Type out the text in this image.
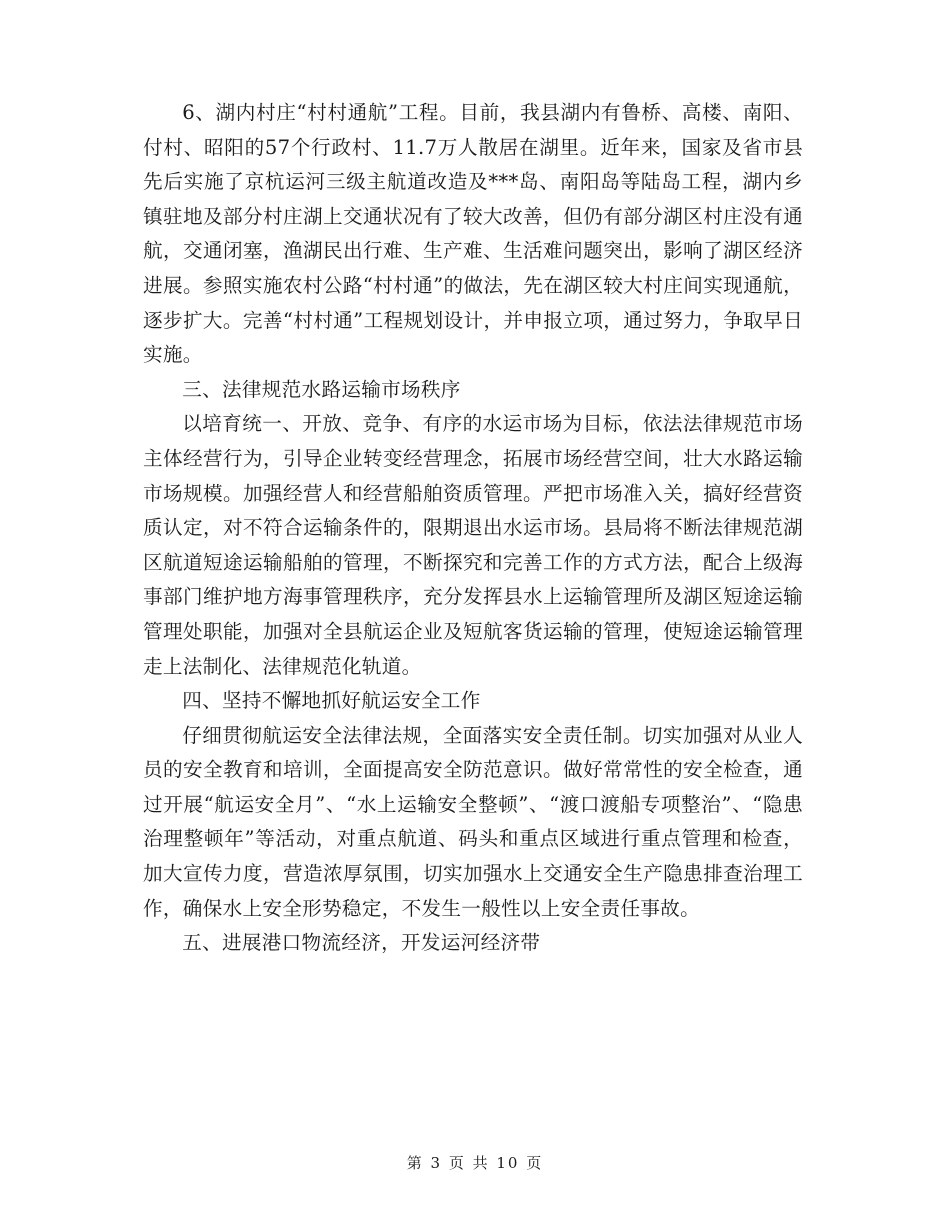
6、湖内村庄“村村通航”工程。目前，我县湖内有鲁桥、高楼、南阳、付村、昭阳的57个行政村、11.7万人散居在湖里。近年来，国家及省市县先后实施了京杭运河三级主航道改造及***岛、南阳岛等陆岛工程，湖内乡镇驻地及部分村庄湖上交通状况有了较大改善，但仍有部分湖区村庄没有通航，交通闭塞，渔湖民出行难、生产难、生活难问题突出，影响了湖区经济进展。参照实施农村公路“村村通”的做法，先在湖区较大村庄间实现通航，逐步扩大。完善“村村通”工程规划设计，并申报立项，通过努力，争取早日实施。

三、法律规范水路运输市场秩序

以培育统一、开放、竞争、有序的水运市场为目标，依法法律规范市场主体经营行为，引导企业转变经营理念，拓展市场经营空间，壮大水路运输市场规模。加强经营人和经营船舶资质管理。严把市场准入关，搞好经营资质认定，对不符合运输条件的，限期退出水运市场。县局将不断法律规范湖区航道短途运输船舶的管理，不断探究和完善工作的方式方法，配合上级海事部门维护地方海事管理秩序，充分发挥县水上运输管理所及湖区短途运输管理处职能，加强对全县航运企业及短航客货运输的管理，使短途运输管理走上法制化、法律规范化轨道。

四、坚持不懈地抓好航运安全工作

仔细贯彻航运安全法律法规，全面落实安全责任制。切实加强对从业人员的安全教育和培训，全面提高安全防范意识。做好常常性的安全检查，通过开展“航运安全月”、“水上运输安全整顿”、“渡口渡船专项整治”、“隐患治理整顿年”等活动，对重点航道、码头和重点区域进行重点管理和检查，加大宣传力度，营造浓厚氛围，切实加强水上交通安全生产隐患排查治理工作，确保水上安全形势稳定，不发生一般性以上安全责任事故。

五、进展港口物流经济，开发运河经济带

第 3 页 共 10 页
